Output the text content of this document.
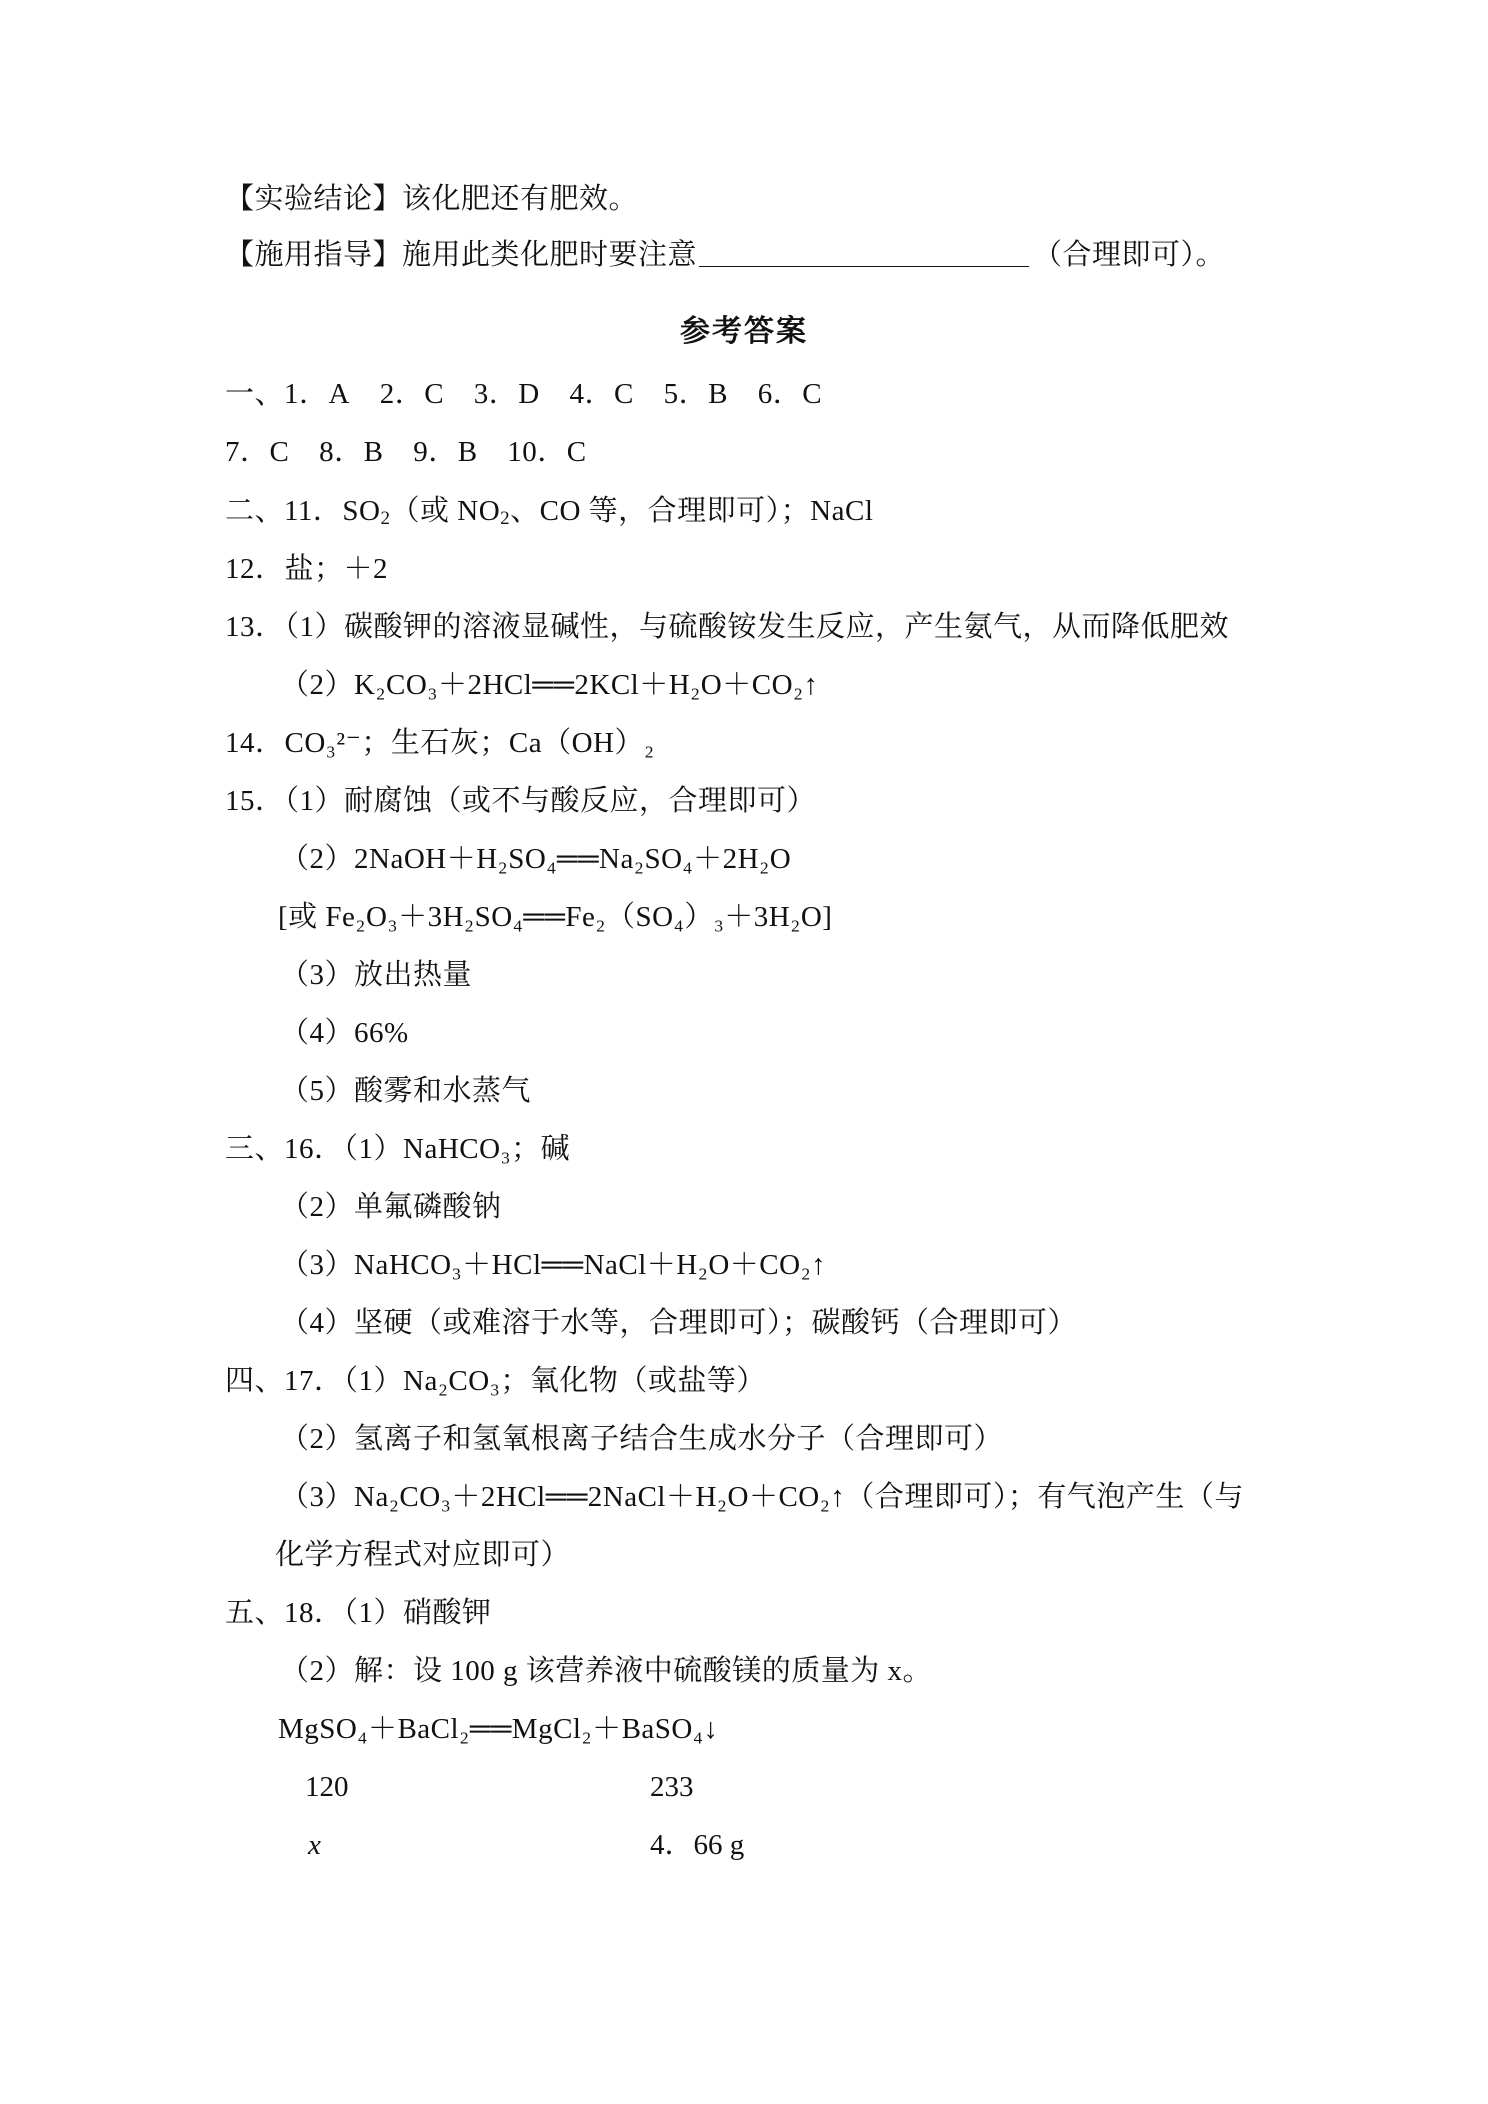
【实验结论】该化肥还有肥效。
【施用指导】施用此类化肥时要注意	（合理即可）。
参考答案
一、1．A 2．C 3．D 4．C 5．B 6．C
7．C 8．B 9．B 10．C
二、11．$SO_2$（或 $NO_2$、CO 等，合理即可）；NaCl
12．盐；＋2
13．（1）碳酸钾的溶液显碱性，与硫酸铵发生反应，产生氨气，从而降低肥效
（2）K₂CO₃＋2HCl══2KCl＋H₂O＋CO₂↑
14．CO₃²⁻；生石灰；Ca（OH）₂
15．（1）耐腐蚀（或不与酸反应，合理即可）
（2）2NaOH＋H₂SO₄══Na₂SO₄＋2H₂O
[或 Fe₂O₃＋3H₂SO₄══Fe₂（SO₄）₃＋3H₂O]
（3）放出热量
（4）66%
（5）酸雾和水蒸气
三、16．（1）NaHCO₃；碱
（2）单氟磷酸钠
（3）NaHCO₃＋HCl══NaCl＋H₂O＋CO₂↑
（4）坚硬（或难溶于水等，合理即可）；碳酸钙（合理即可）
四、17．（1）Na₂CO₃；氧化物（或盐等）
（2）氢离子和氢氧根离子结合生成水分子（合理即可）
（3）Na₂CO₃＋2HCl══2NaCl＋H₂O＋CO₂↑（合理即可）；有气泡产生（与
化学方程式对应即可）
五、18．（1）硝酸钾
（2）解：设 100 g 该营养液中硫酸镁的质量为 x。
MgSO₄＋BaCl₂══MgCl₂＋BaSO₄↓
120	233
x	4．66 g
